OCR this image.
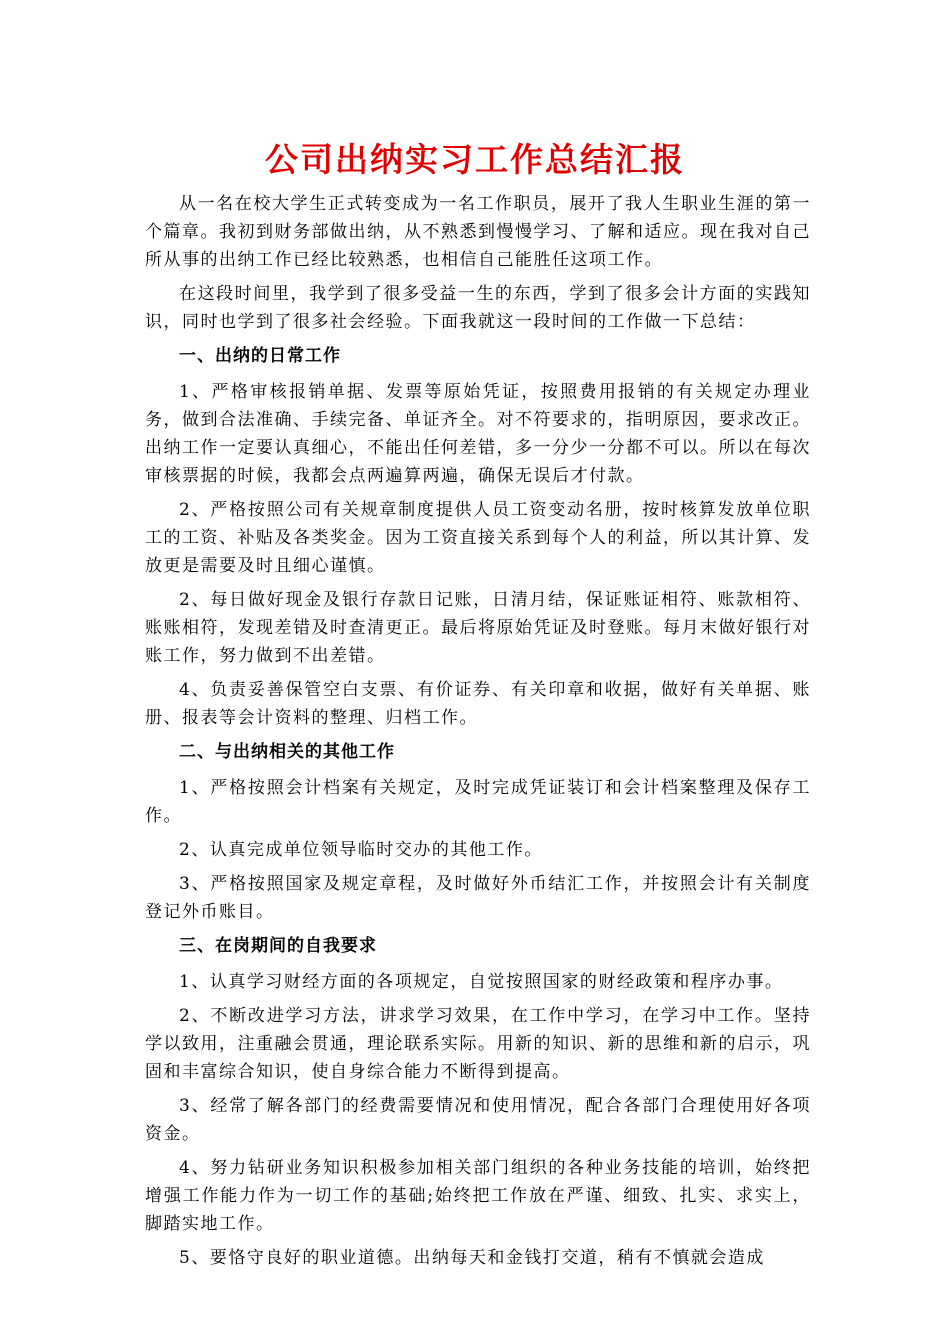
公司出纳实习工作总结汇报

从一名在校大学生正式转变成为一名工作职员，展开了我人生职业生涯的第一个篇章。我初到财务部做出纳，从不熟悉到慢慢学习、了解和适应。现在我对自己所从事的出纳工作已经比较熟悉，也相信自己能胜任这项工作。

在这段时间里，我学到了很多受益一生的东西，学到了很多会计方面的实践知识，同时也学到了很多社会经验。下面我就这一段时间的工作做一下总结：

一、出纳的日常工作

1、严格审核报销单据、发票等原始凭证，按照费用报销的有关规定办理业务，做到合法准确、手续完备、单证齐全。对不符要求的，指明原因，要求改正。出纳工作一定要认真细心，不能出任何差错，多一分少一分都不可以。所以在每次审核票据的时候，我都会点两遍算两遍，确保无误后才付款。

2、严格按照公司有关规章制度提供人员工资变动名册，按时核算发放单位职工的工资、补贴及各类奖金。因为工资直接关系到每个人的利益，所以其计算、发放更是需要及时且细心谨慎。

2、每日做好现金及银行存款日记账，日清月结，保证账证相符、账款相符、账账相符，发现差错及时查清更正。最后将原始凭证及时登账。每月末做好银行对账工作，努力做到不出差错。

4、负责妥善保管空白支票、有价证券、有关印章和收据，做好有关单据、账册、报表等会计资料的整理、归档工作。

二、与出纳相关的其他工作

1、严格按照会计档案有关规定，及时完成凭证装订和会计档案整理及保存工作。

2、认真完成单位领导临时交办的其他工作。

3、严格按照国家及规定章程，及时做好外币结汇工作，并按照会计有关制度登记外币账目。

三、在岗期间的自我要求

1、认真学习财经方面的各项规定，自觉按照国家的财经政策和程序办事。

2、不断改进学习方法，讲求学习效果，在工作中学习，在学习中工作。坚持学以致用，注重融会贯通，理论联系实际。用新的知识、新的思维和新的启示，巩固和丰富综合知识，使自身综合能力不断得到提高。

3、经常了解各部门的经费需要情况和使用情况，配合各部门合理使用好各项资金。

4、努力钻研业务知识积极参加相关部门组织的各种业务技能的培训，始终把增强工作能力作为一切工作的基础;始终把工作放在严谨、细致、扎实、求实上，脚踏实地工作。

5、要恪守良好的职业道德。出纳每天和金钱打交道，稍有不慎就会造成
